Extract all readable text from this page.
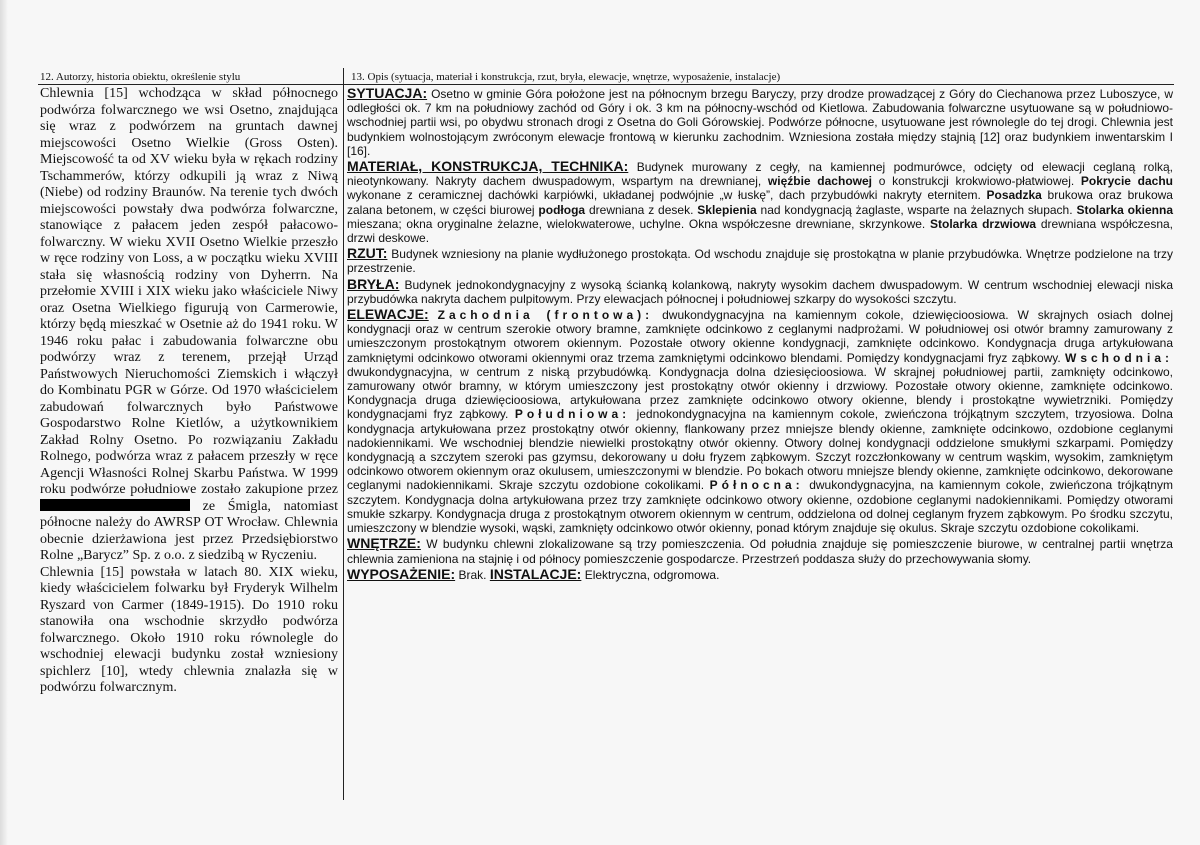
12. Autorzy, historia obiektu, określenie stylu	13. Opis (sytuacja, materiał i konstrukcja, rzut, bryła, elewacje, wnętrze, wyposażenie, instalacje)

Chlewnia [15] wchodząca w skład północnego podwórza folwarcznego we wsi Osetno, znajdująca się wraz z podwórzem na gruntach dawnej miejscowości Osetno Wielkie (Gross Osten). Miejscowość ta od XV wieku była w rękach rodziny Tschammerów, którzy odkupili ją wraz z Niwą (Niebe) od rodziny Braunów. Na terenie tych dwóch miejscowości powstały dwa podwórza folwarczne, stanowiące z pałacem jeden zespół pałacowo-folwarczny. W wieku XVII Osetno Wielkie przeszło w ręce rodziny von Loss, a w początku wieku XVIII stała się własnością rodziny von Dyherrn. Na przełomie XVIII i XIX wieku jako właściciele Niwy oraz Osetna Wielkiego figurują von Carmerowie, którzy będą mieszkać w Osetnie aż do 1941 roku. W 1946 roku pałac i zabudowania folwarczne obu podwórzy wraz z terenem, przejął Urząd Państwowych Nieruchomości Ziemskich i włączył do Kombinatu PGR w Górze. Od 1970 właścicielem zabudowań folwarcznych było Państwowe Gospodarstwo Rolne Kietlów, a użytkownikiem Zakład Rolny Osetno. Po rozwiązaniu Zakładu Rolnego, podwórza wraz z pałacem przeszły w ręce Agencji Własności Rolnej Skarbu Państwa. W 1999 roku podwórze południowe zostało zakupione przez  ze Śmigla, natomiast północne należy do AWRSP OT Wrocław. Chlewnia obecnie dzierżawiona jest przez Przedsiębiorstwo Rolne „Barycz” Sp. z o.o. z siedzibą w Ryczeniu.

Chlewnia [15] powstała w latach 80. XIX wieku, kiedy właścicielem folwarku był Fryderyk Wilhelm Ryszard von Carmer (1849-1915). Do 1910 roku stanowiła ona wschodnie skrzydło podwórza folwarcznego. Około 1910 roku równolegle do wschodniej elewacji budynku został wzniesiony spichlerz [10], wtedy chlewnia znalazła się w podwórzu folwarcznym.

SYTUACJA: Osetno w gminie Góra położone jest na północnym brzegu Baryczy, przy drodze prowadzącej z Góry do Ciechanowa przez Luboszyce, w odległości ok. 7 km na południowy zachód od Góry i ok. 3 km na północny-wschód od Kietlowa. Zabudowania folwarczne usytuowane są w południowo-wschodniej partii wsi, po obydwu stronach drogi z Osetna do Goli Górowskiej. Podwórze północne, usytuowane jest równolegle do tej drogi. Chlewnia jest budynkiem wolnostojącym zwróconym elewacje frontową w kierunku zachodnim. Wzniesiona została między stajnią [12] oraz budynkiem inwentarskim I [16].

MATERIAŁ, KONSTRUKCJA, TECHNIKA: Budynek murowany z cegły, na kamiennej podmurówce, odcięty od elewacji ceglaną rolką, nieotynkowany. Nakryty dachem dwuspadowym, wspartym na drewnianej, więźbie dachowej o konstrukcji krokwiowo-płatwiowej. Pokrycie dachu wykonane z ceramicznej dachówki karpiówki, układanej podwójnie „w łuskę”, dach przybudówki nakryty eternitem. Posadzka brukowa oraz brukowa zalana betonem, w części biurowej podłoga drewniana z desek. Sklepienia nad kondygnacją żaglaste, wsparte na żelaznych słupach. Stolarka okienna mieszana; okna oryginalne żelazne, wielokwaterowe, uchylne. Okna współczesne drewniane, skrzynkowe. Stolarka drzwiowa drewniana współczesna, drzwi deskowe.

RZUT: Budynek wzniesiony na planie wydłużonego prostokąta. Od wschodu znajduje się prostokątna w planie przybudówka. Wnętrze podzielone na trzy przestrzenie.

BRYŁA: Budynek jednokondygnacyjny z wysoką ścianką kolankową, nakryty wysokim dachem dwuspadowym. W centrum wschodniej elewacji niska przybudówka nakryta dachem pulpitowym. Przy elewacjach północnej i południowej szkarpy do wysokości szczytu.

ELEWACJE: Zachodnia (frontowa): dwukondygnacyjna na kamiennym cokole, dziewięcioosiowa. W skrajnych osiach dolnej kondygnacji oraz w centrum szerokie otwory bramne, zamknięte odcinkowo z ceglanymi nadprożami. W południowej osi otwór bramny zamurowany z umieszczonym prostokątnym otworem okiennym. Pozostałe otwory okienne kondygnacji, zamknięte odcinkowo. Kondygnacja druga artykułowana zamkniętymi odcinkowo otworami okiennymi oraz trzema zamkniętymi odcinkowo blendami. Pomiędzy kondygnacjami fryz ząbkowy. Wschodnia: dwukondygnacyjna, w centrum z niską przybudówką. Kondygnacja dolna dziesięcioosiowa. W skrajnej południowej partii, zamknięty odcinkowo, zamurowany otwór bramny, w którym umieszczony jest prostokątny otwór okienny i drzwiowy. Pozostałe otwory okienne, zamknięte odcinkowo. Kondygnacja druga dziewięcioosiowa, artykułowana przez zamknięte odcinkowo otwory okienne, blendy i prostokątne wywietrzniki. Pomiędzy kondygnacjami fryz ząbkowy. Południowa: jednokondygnacyjna na kamiennym cokole, zwieńczona trójkątnym szczytem, trzyosiowa. Dolna kondygnacja artykułowana przez prostokątny otwór okienny, flankowany przez mniejsze blendy okienne, zamknięte odcinkowo, ozdobione ceglanymi nadokiennikami. We wschodniej blendzie niewielki prostokątny otwór okienny. Otwory dolnej kondygnacji oddzielone smukłymi szkarpami. Pomiędzy kondygnacją a szczytem szeroki pas gzymsu, dekorowany u dołu fryzem ząbkowym. Szczyt rozczłonkowany w centrum wąskim, wysokim, zamkniętym odcinkowo otworem okiennym oraz okulusem, umieszczonymi w blendzie. Po bokach otworu mniejsze blendy okienne, zamknięte odcinkowo, dekorowane ceglanymi nadokiennikami. Skraje szczytu ozdobione cokolikami. Północna: dwukondygnacyjna, na kamiennym cokole, zwieńczona trójkątnym szczytem. Kondygnacja dolna artykułowana przez trzy zamknięte odcinkowo otwory okienne, ozdobione ceglanymi nadokiennikami. Pomiędzy otworami smukłe szkarpy. Kondygnacja druga z prostokątnym otworem okiennym w centrum, oddzielona od dolnej ceglanym fryzem ząbkowym. Po środku szczytu, umieszczony w blendzie wysoki, wąski, zamknięty odcinkowo otwór okienny, ponad którym znajduje się okulus. Skraje szczytu ozdobione cokolikami.

WNĘTRZE: W budynku chlewni zlokalizowane są trzy pomieszczenia. Od południa znajduje się pomieszczenie biurowe, w centralnej partii wnętrza chlewnia zamieniona na stajnię i od północy pomieszczenie gospodarcze. Przestrzeń poddasza służy do przechowywania słomy.

WYPOSAŻENIE: Brak. INSTALACJE: Elektryczna, odgromowa.
